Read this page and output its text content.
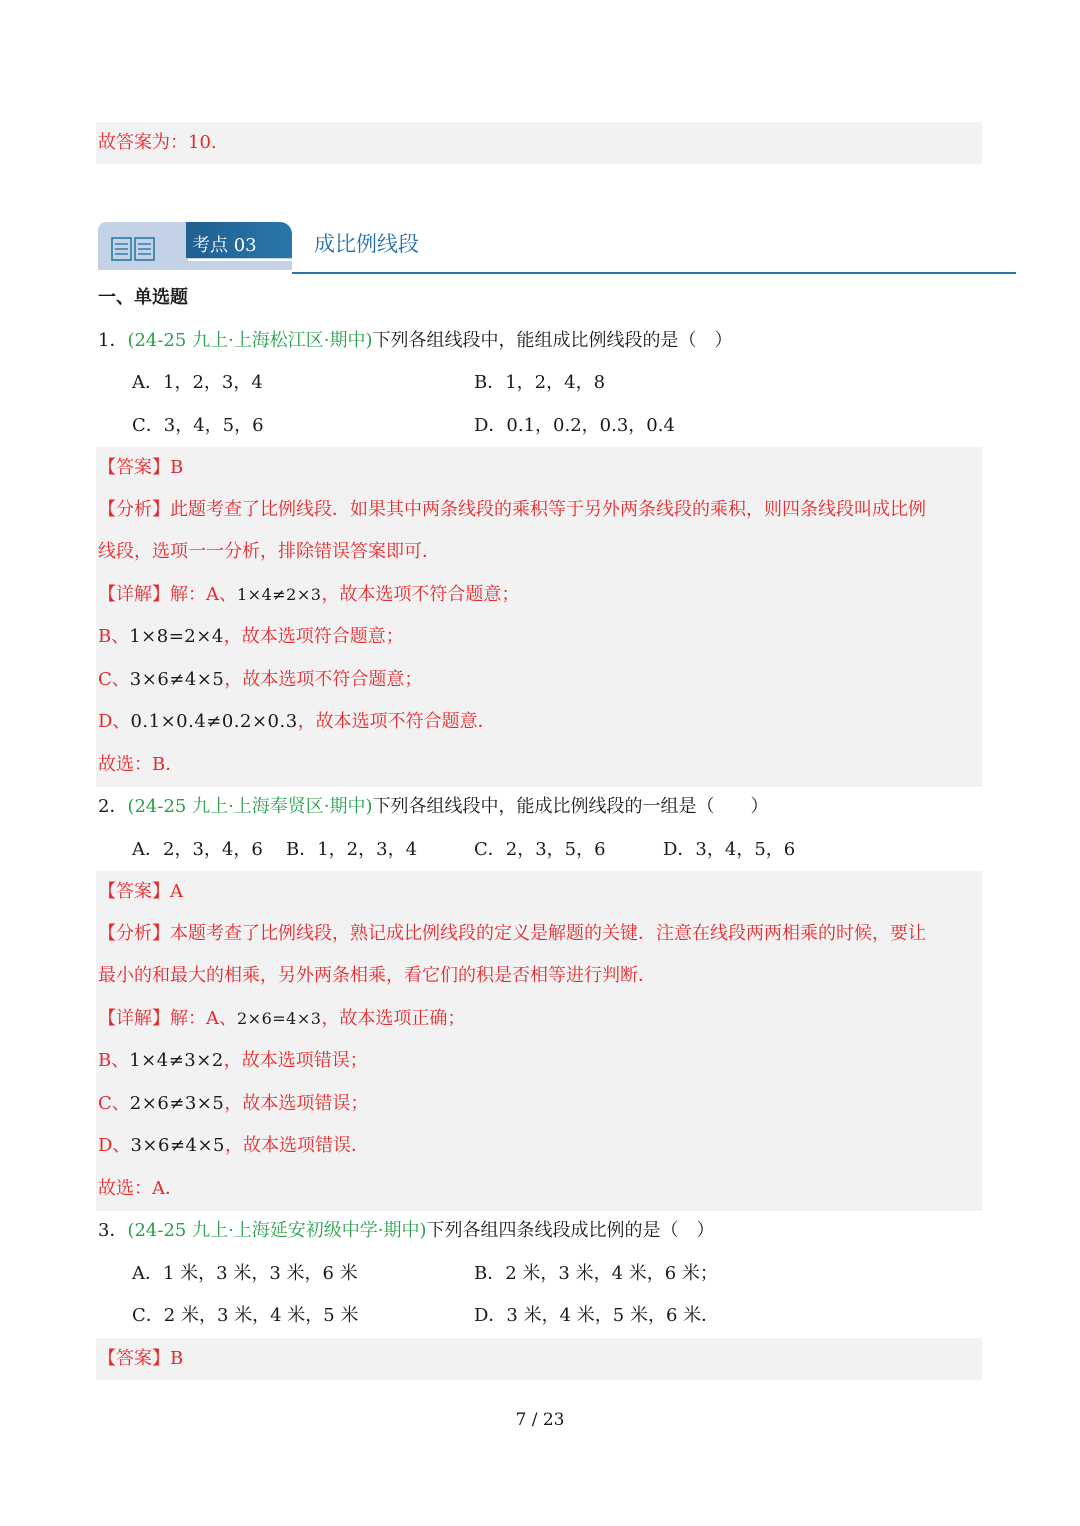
故答案为：10.
考点 03	成比例线段
一、单选题
1．(24-25 九上·上海松江区·期中)下列各组线段中，能组成比例线段的是（　）
A．1，2，3，4	B．1，2，4，8
C．3，4，5，6	D．0.1，0.2，0.3，0.4
【答案】B
【分析】此题考查了比例线段．如果其中两条线段的乘积等于另外两条线段的乘积，则四条线段叫成比例
线段，选项一一分析，排除错误答案即可．
【详解】解：A、1×4≠2×3，故本选项不符合题意；
B、1×8=2×4，故本选项符合题意；
C、3×6≠4×5，故本选项不符合题意；
D、0.1×0.4≠0.2×0.3，故本选项不符合题意．
故选：B．
2．(24-25 九上·上海奉贤区·期中)下列各组线段中，能成比例线段的一组是（　　）
A．2，3，4，6 B．1，2，3，4	C．2，3，5，6	D．3，4，5，6
【答案】A
【分析】本题考查了比例线段，熟记成比例线段的定义是解题的关键．注意在线段两两相乘的时候，要让
最小的和最大的相乘，另外两条相乘，看它们的积是否相等进行判断．
【详解】解：A、2×6=4×3，故本选项正确；
B、1×4≠3×2，故本选项错误；
C、2×6≠3×5，故本选项错误；
D、3×6≠4×5，故本选项错误．
故选：A．
3．(24-25 九上·上海延安初级中学·期中)下列各组四条线段成比例的是（　）
A．1 米，3 米，3 米，6 米	B．2 米，3 米，4 米，6 米；
C．2 米，3 米，4 米，5 米	D．3 米，4 米，5 米，6 米．
【答案】B
7 / 23
